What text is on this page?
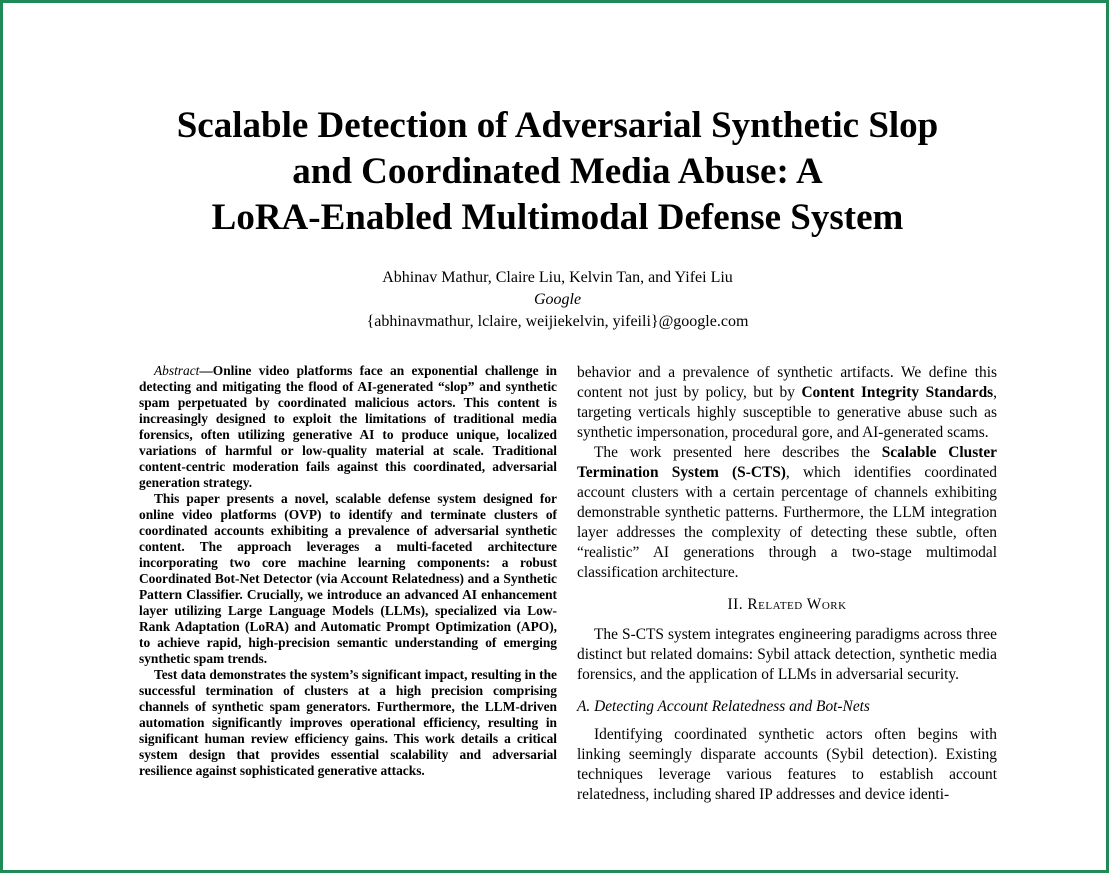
Scalable Detection of Adversarial Synthetic Slop
and Coordinated Media Abuse: A
LoRA-Enabled Multimodal Defense System
Abhinav Mathur, Claire Liu, Kelvin Tan, and Yifei Liu
Google
{abhinavmathur, lclaire, weijiekelvin, yifeili}@google.com

Abstract—Online video platforms face an exponential challenge in detecting and mitigating the flood of AI-generated “slop” and synthetic spam perpetuated by coordinated malicious actors. This content is increasingly designed to exploit the limitations of traditional media forensics, often utilizing generative AI to produce unique, localized variations of harmful or low-quality material at scale. Traditional content-centric moderation fails against this coordinated, adversarial generation strategy.

This paper presents a novel, scalable defense system designed for online video platforms (OVP) to identify and terminate clusters of coordinated accounts exhibiting a prevalence of adversarial synthetic content. The approach leverages a multi-faceted architecture incorporating two core machine learning components: a robust Coordinated Bot-Net Detector (via Account Relatedness) and a Synthetic Pattern Classifier. Crucially, we introduce an advanced AI enhancement layer utilizing Large Language Models (LLMs), specialized via Low-Rank Adaptation (LoRA) and Automatic Prompt Optimization (APO), to achieve rapid, high-precision semantic understanding of emerging synthetic spam trends.

Test data demonstrates the system’s significant impact, resulting in the successful termination of clusters at a high precision comprising channels of synthetic spam generators. Furthermore, the LLM-driven automation significantly improves operational efficiency, resulting in significant human review efficiency gains. This work details a critical system design that provides essential scalability and adversarial resilience against sophisticated generative attacks.

behavior and a prevalence of synthetic artifacts. We define this content not just by policy, but by Content Integrity Standards, targeting verticals highly susceptible to generative abuse such as synthetic impersonation, procedural gore, and AI-generated scams.

The work presented here describes the Scalable Cluster Termination System (S-CTS), which identifies coordinated account clusters with a certain percentage of channels exhibiting demonstrable synthetic patterns. Furthermore, the LLM integration layer addresses the complexity of detecting these subtle, often “realistic” AI generations through a two-stage multimodal classification architecture.

II. Related Work

The S-CTS system integrates engineering paradigms across three distinct but related domains: Sybil attack detection, synthetic media forensics, and the application of LLMs in adversarial security.

A. Detecting Account Relatedness and Bot-Nets

Identifying coordinated synthetic actors often begins with linking seemingly disparate accounts (Sybil detection). Existing techniques leverage various features to establish account relatedness, including shared IP addresses and device identi-
